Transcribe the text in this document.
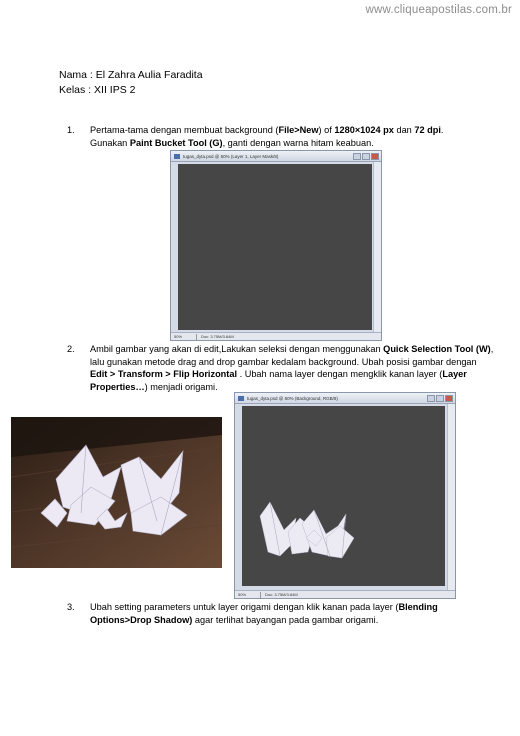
www.cliqueapostilas.com.br
Nama : El Zahra Aulia Faradita
Kelas : XII IPS 2
1. Pertama-tama dengan membuat background (File>New) of 1280×1024 px dan 72 dpi.
Gunakan Paint Bucket Tool (G), ganti dengan warna hitam keabuan.
tugas_dyta.psd @ 50% (Layer 1, Layer Mask/8)
50%	Doc: 3.75M/3.84M
2. Ambil gambar yang akan di edit,Lakukan seleksi dengan menggunakan Quick Selection Tool (W),
lalu gunakan metode drag and drop gambar kedalam background. Ubah posisi gambar dengan
Edit > Transform > Flip Horizontal . Ubah nama layer dengan mengklik kanan layer (Layer
Properties…) menjadi origami.
tugas_dyta.psd @ 50% (Background, RGB/8)
50%	Doc: 3.75M/3.84M
3. Ubah setting parameters untuk layer origami dengan klik kanan pada layer (Blending
Options>Drop Shadow) agar terlihat bayangan pada gambar origami.
